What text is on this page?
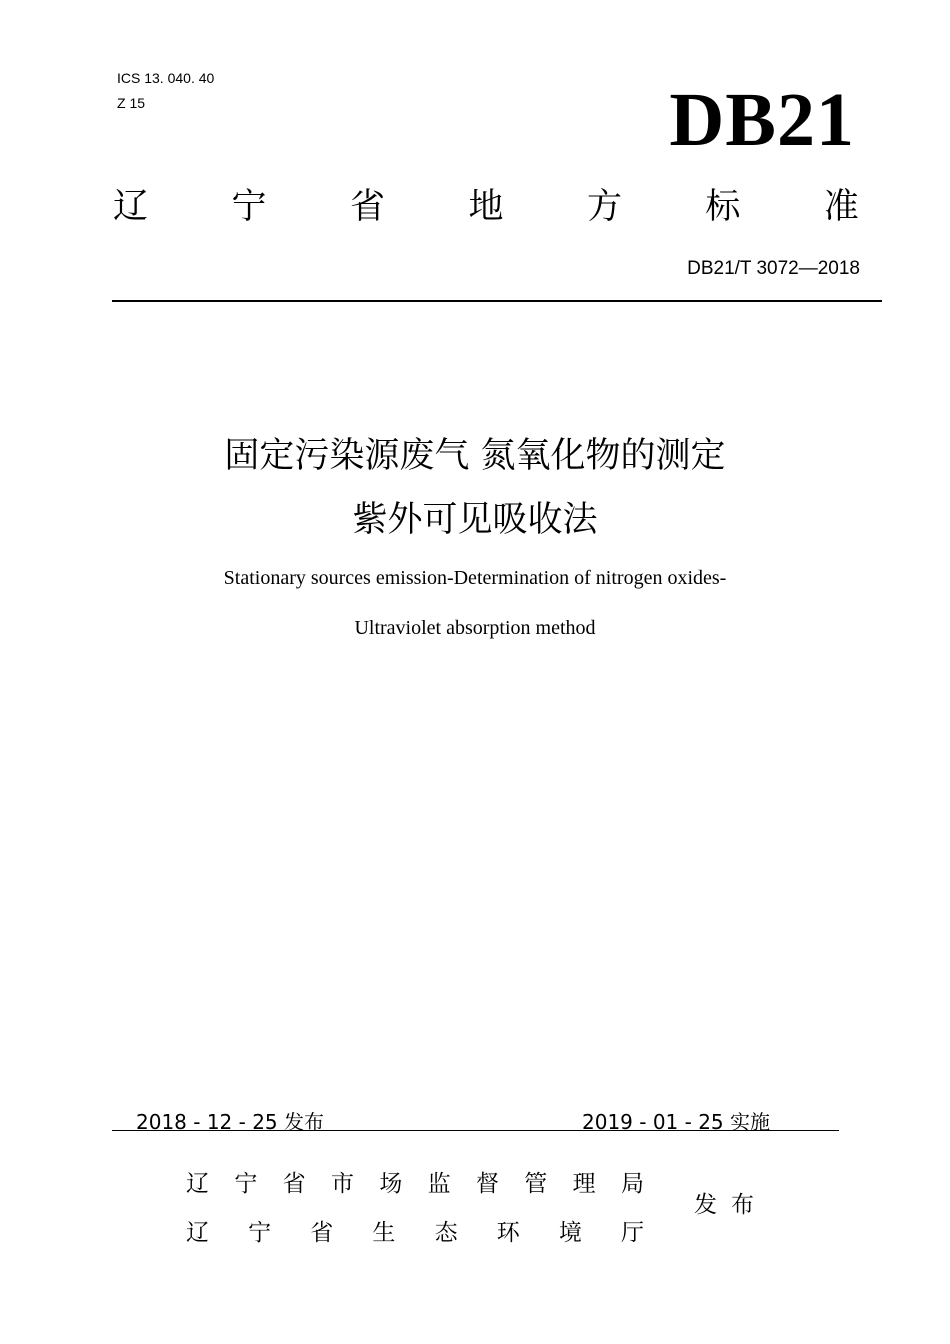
ICS 13. 040. 40
Z 15	DB21
辽 宁 省 地 方 标 准
DB21/T 3072—2018
固定污染源废气 氮氧化物的测定
紫外可见吸收法
Stationary sources emission-Determination of nitrogen oxides-
Ultraviolet absorption method
2018 - 12 - 25 发布	2019 - 01 - 25 实施
辽 宁 省 市 场 监 督 管 理 局
辽 宁 省 生 态 环 境 厅
发布
